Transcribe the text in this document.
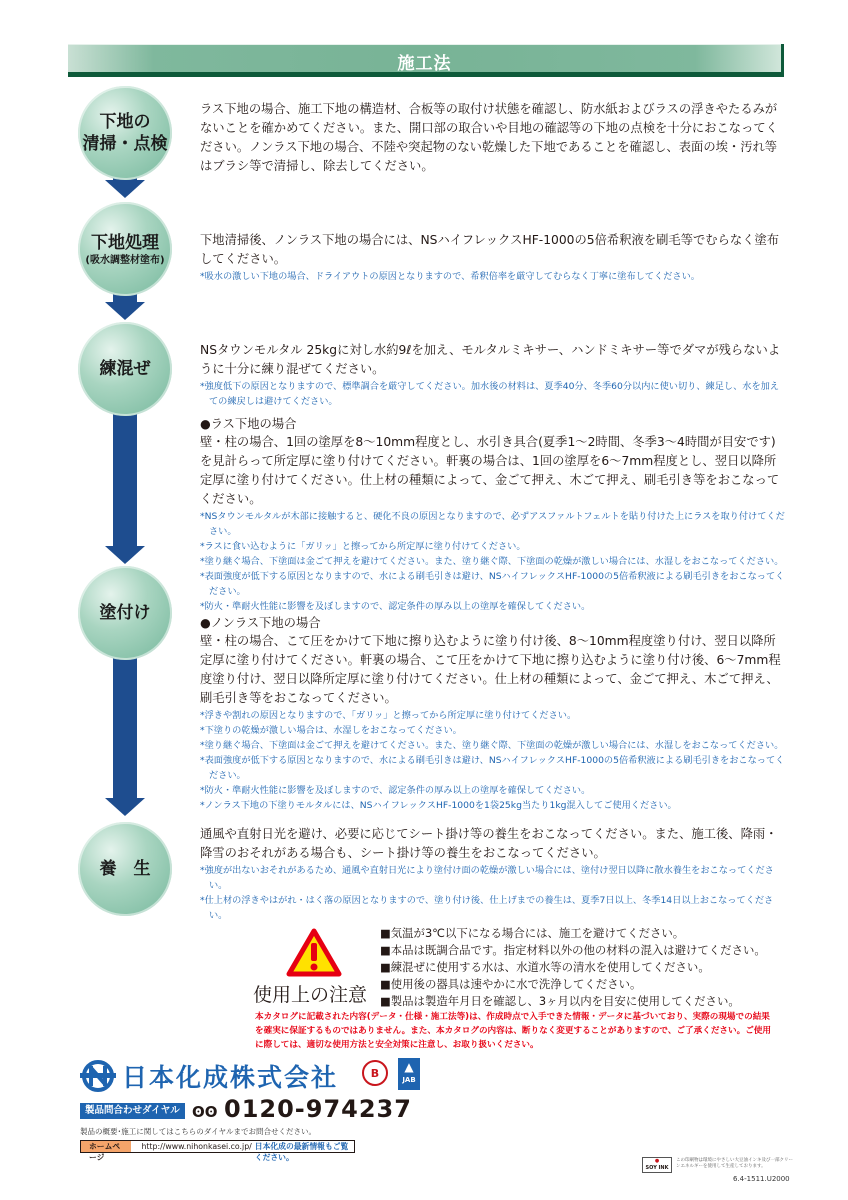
施工法
下地の
清掃・点検
下地処理
(吸水調整材塗布)
練混ぜ
塗付け
養　生

ラス下地の場合、施工下地の構造材、合板等の取付け状態を確認し、防水紙およびラスの浮きやたるみがないことを確かめてください。また、開口部の取合いや目地の確認等の下地の点検を十分におこなってください。ノンラス下地の場合、不陸や突起物のない乾燥した下地であることを確認し、表面の埃・汚れ等はブラシ等で清掃し、除去してください。

下地清掃後、ノンラス下地の場合には、NSハイフレックスHF-1000の5倍希釈液を刷毛等でむらなく塗布してください。

*吸水の激しい下地の場合、ドライアウトの原因となりますので、希釈倍率を厳守してむらなく丁寧に塗布してください。

NSタウンモルタル 25kgに対し水約9ℓを加え、モルタルミキサー、ハンドミキサー等でダマが残らないように十分に練り混ぜてください。

*強度低下の原因となりますので、標準調合を厳守してください。加水後の材料は、夏季40分、冬季60分以内に使い切り、練足し、水を加えての練戻しは避けてください。

●ラス下地の場合

壁・柱の場合、1回の塗厚を8～10mm程度とし、水引き具合(夏季1～2時間、冬季3～4時間が目安です)を見計らって所定厚に塗り付けてください。軒裏の場合は、1回の塗厚を6～7mm程度とし、翌日以降所定厚に塗り付けてください。仕上材の種類によって、金ごて押え、木ごて押え、刷毛引き等をおこなってください。

*NSタウンモルタルが木部に接触すると、硬化不良の原因となりますので、必ずアスファルトフェルトを貼り付けた上にラスを取り付けてください。

*ラスに食い込むように「ガリッ」と擦ってから所定厚に塗り付けてください。

*塗り継ぐ場合、下塗面は金ごて押えを避けてください。また、塗り継ぐ際、下塗面の乾燥が激しい場合には、水湿しをおこなってください。

*表面強度が低下する原因となりますので、水による刷毛引きは避け、NSハイフレックスHF-1000の5倍希釈液による刷毛引きをおこなってください。

*防火・準耐火性能に影響を及ぼしますので、認定条件の厚み以上の塗厚を確保してください。

●ノンラス下地の場合

壁・柱の場合、こて圧をかけて下地に擦り込むように塗り付け後、8～10mm程度塗り付け、翌日以降所定厚に塗り付けてください。軒裏の場合、こて圧をかけて下地に擦り込むように塗り付け後、6～7mm程度塗り付け、翌日以降所定厚に塗り付けてください。仕上材の種類によって、金ごて押え、木ごて押え、刷毛引き等をおこなってください。

*浮きや割れの原因となりますので、「ガリッ」と擦ってから所定厚に塗り付けてください。

*下塗りの乾燥が激しい場合は、水湿しをおこなってください。

*塗り継ぐ場合、下塗面は金ごて押えを避けてください。また、塗り継ぐ際、下塗面の乾燥が激しい場合には、水湿しをおこなってください。

*表面強度が低下する原因となりますので、水による刷毛引きは避け、NSハイフレックスHF-1000の5倍希釈液による刷毛引きをおこなってください。

*防火・準耐火性能に影響を及ぼしますので、認定条件の厚み以上の塗厚を確保してください。

*ノンラス下地の下塗りモルタルには、NSハイフレックスHF-1000を1袋25kg当たり1kg混入してご使用ください。

通風や直射日光を避け、必要に応じてシート掛け等の養生をおこなってください。また、施工後、降雨・降雪のおそれがある場合も、シート掛け等の養生をおこなってください。

*強度が出ないおそれがあるため、通風や直射日光により塗付け面の乾燥が激しい場合には、塗付け翌日以降に散水養生をおこなってください。

*仕上材の浮きやはがれ・はく落の原因となりますので、塗り付け後、仕上げまでの養生は、夏季7日以上、冬季14日以上おこなってください。

使用上の注意
■ 気温が3℃以下になる場合には、施工を避けてください。
■ 本品は既調合品です。指定材料以外の他の材料の混入は避けてください。
■ 練混ぜに使用する水は、水道水等の清水を使用してください。
■ 使用後の器具は速やかに水で洗浄してください。
■ 製品は製造年月日を確認し、3ヶ月以内を目安に使用してください。

本カタログに記載された内容(データ・仕様・施工法等)は、作成時点で入手できた情報・データに基づいており、実際の現場での結果を確実に保証するものではありません。また、本カタログの内容は、断りなく変更することがありますので、ご了承ください。ご使用に際しては、適切な使用方法と安全対策に注意し、お取り扱いください。

日本化成株式会社	B	▲
JAB
製品問合わせダイヤル ʘʘ 0120-974237
製品の概要･施工に関してはこちらのダイヤルまでお問合せください。
ホームページ
http://www.nihonkasei.co.jp/ 日本化成の最新情報もご覧ください。	●
SOY INK
この印刷物は環境にやさしい大豆油インキ及び一部クリーンエネルギーを使用して生産しております。
6.4-1511.U2000
